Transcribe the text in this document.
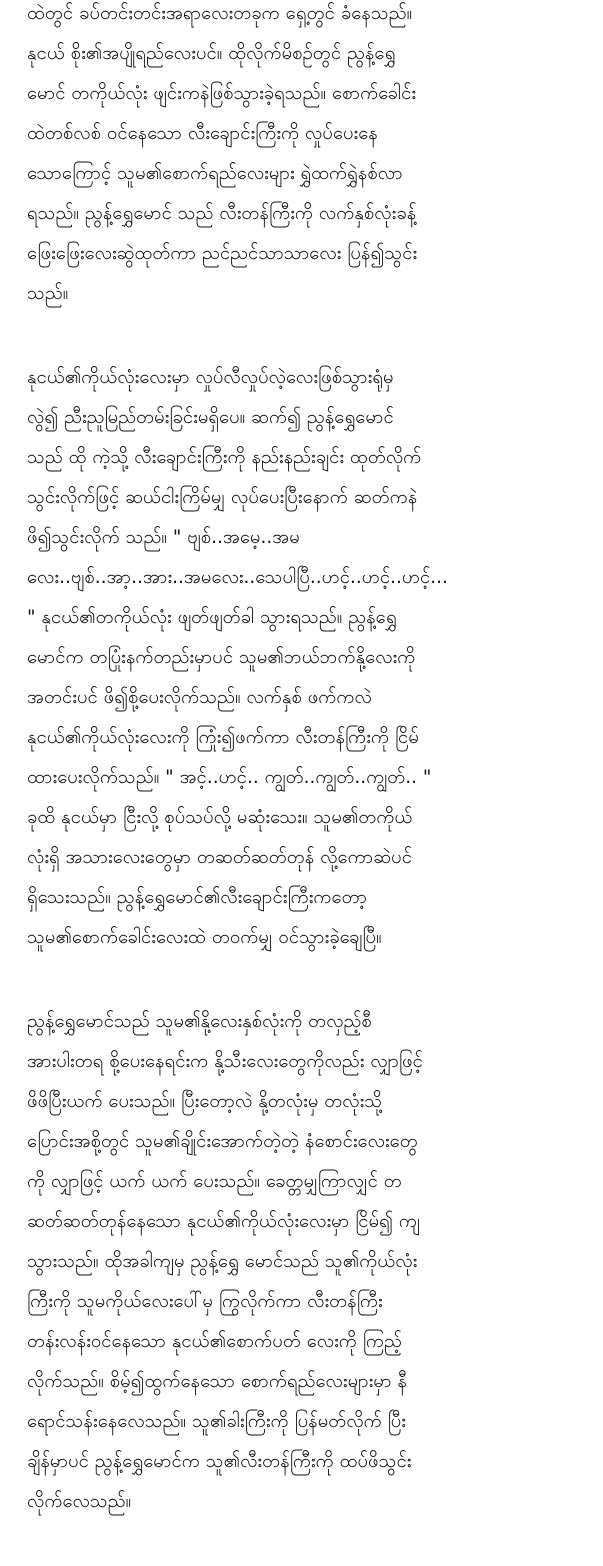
ထဲတွင် ခပ်တင်းတင်းအရာလေးတခုက ရှေ့တွင် ခံနေသည်။
နုငယ် စိုး၏အပျိုရည်လေးပင်။ ထိုလိုက်မိစဉ်တွင် ညွန့်ရွှေ
မောင် တကိုယ်လုံး ဖျင်းကနဲဖြစ်သွားခဲ့ရသည်။ စောက်ခေါင်း
ထဲတစ်လစ် ဝင်နေသော လီးချောင်းကြီးကို လှုပ်ပေးနေ
သောကြောင့် သူမ၏စောက်ရည်လေးများ ရွှဲထက်ရွှဲနစ်လာ
ရသည်။ ညွန့်ရွှေမောင် သည် လီးတန်ကြီးကို လက်နှစ်လုံးခန့်
ဖြေးဖြေးလေးဆွဲထုတ်ကာ ညင်ညင်သာသာလေး ပြန်၍သွင်း
သည်။
နုငယ်၏ကိုယ်လုံးလေးမှာ လှုပ်လီလှုပ်လဲ့လေးဖြစ်သွားရုံမှ
လွဲ၍ ညီးညူမြည်တမ်းခြင်းမရှိပေ။ ဆက်၍ ညွန့်ရွှေမောင်
သည် ထို ကဲ့သို့ လီးချောင်းကြီးကို နည်းနည်းချင်း ထုတ်လိုက်
သွင်းလိုက်ဖြင့် ဆယ်ငါးကြိမ်မျှ လုပ်ပေးပြီးနောက် ဆတ်ကနဲ
ဖိ၍သွင်းလိုက် သည်။ " ဗျစ်..အမေ့..အမ
လေး..ဗျစ်..အာ့..အား..အမလေး..သေပါပြီ..ဟင့်..ဟင့်..ဟင့်...
" နုငယ်၏တကိုယ်လုံး ဖျတ်ဖျတ်ခါ သွားရသည်။ ညွန့်ရွှေ
မောင်က တပြုံးနက်တည်းမှာပင် သူမ၏ဘယ်ဘက်နို့လေးကို
အတင်းပင် ဖိ၍စို့ပေးလိုက်သည်။ လက်နှစ် ဖက်ကလဲ
နုငယ်၏ကိုယ်လုံးလေးကို ကြုံး၍ဖက်ကာ လီးတန်ကြီးကို ငြိမ်
ထားပေးလိုက်သည်။ " အင့်..ဟင့်.. ကျွတ်..ကျွတ်..ကျွတ်.. "
ခုထိ နုငယ်မှာ ငြီးလို့ စုပ်သပ်လို့ မဆုံးသေး။ သူမ၏တကိုယ်
လုံးရှိ အသားလေးတွေမှာ တဆတ်ဆတ်တုန် လို့ကောဆဲပင်
ရှိသေးသည်။ ညွန့်ရွှေမောင်၏လီးချောင်းကြီးကတော့
သူမ၏စောက်ခေါင်းလေးထဲ တဝက်မျှ ဝင်သွားခဲ့ချေပြီ။
ညွန့်ရွှေမောင်သည် သူမ၏နို့လေးနှစ်လုံးကို တလှည့်စီ
အားပါးတရ စို့ပေးနေရင်းက နို့သီးလေးတွေကိုလည်း လျှာဖြင့်
ဖိဖိပြီးယက် ပေးသည်။ ပြီးတော့လဲ နို့တလုံးမှ တလုံးသို့
ပြောင်းအစို့တွင် သူမ၏ချိုင်းအောက်တဲ့တဲ့ နံစောင်းလေးတွေ
ကို လျှာဖြင့် ယက် ယက် ပေးသည်။ ခေတ္တမျှကြာလျှင် တ
ဆတ်ဆတ်တုန်နေသော နုငယ်၏ကိုယ်လုံးလေးမှာ ငြိမ်၍ ကျ
သွားသည်။ ထိုအခါကျမှ ညွန့်ရွှေ မောင်သည် သူ၏ကိုယ်လုံး
ကြီးကို သူမကိုယ်လေးပေါ်မှ ကြွလိုက်ကာ လီးတန်ကြီး
တန်းလန်းဝင်နေသော နုငယ်၏စောက်ပတ် လေးကို ကြည့်
လိုက်သည်။ စိမ့်၍ထွက်နေသော စောက်ရည်လေးများမှာ နီ
ရောင်သန်းနေလေသည်။ သူ၏ခါးကြီးကို ပြန်မတ်လိုက် ပြီး
ချိန်မှာပင် ညွန့်ရွှေမောင်က သူ၏လီးတန်ကြီးကို ထပ်ဖိသွင်း
လိုက်လေသည်။
